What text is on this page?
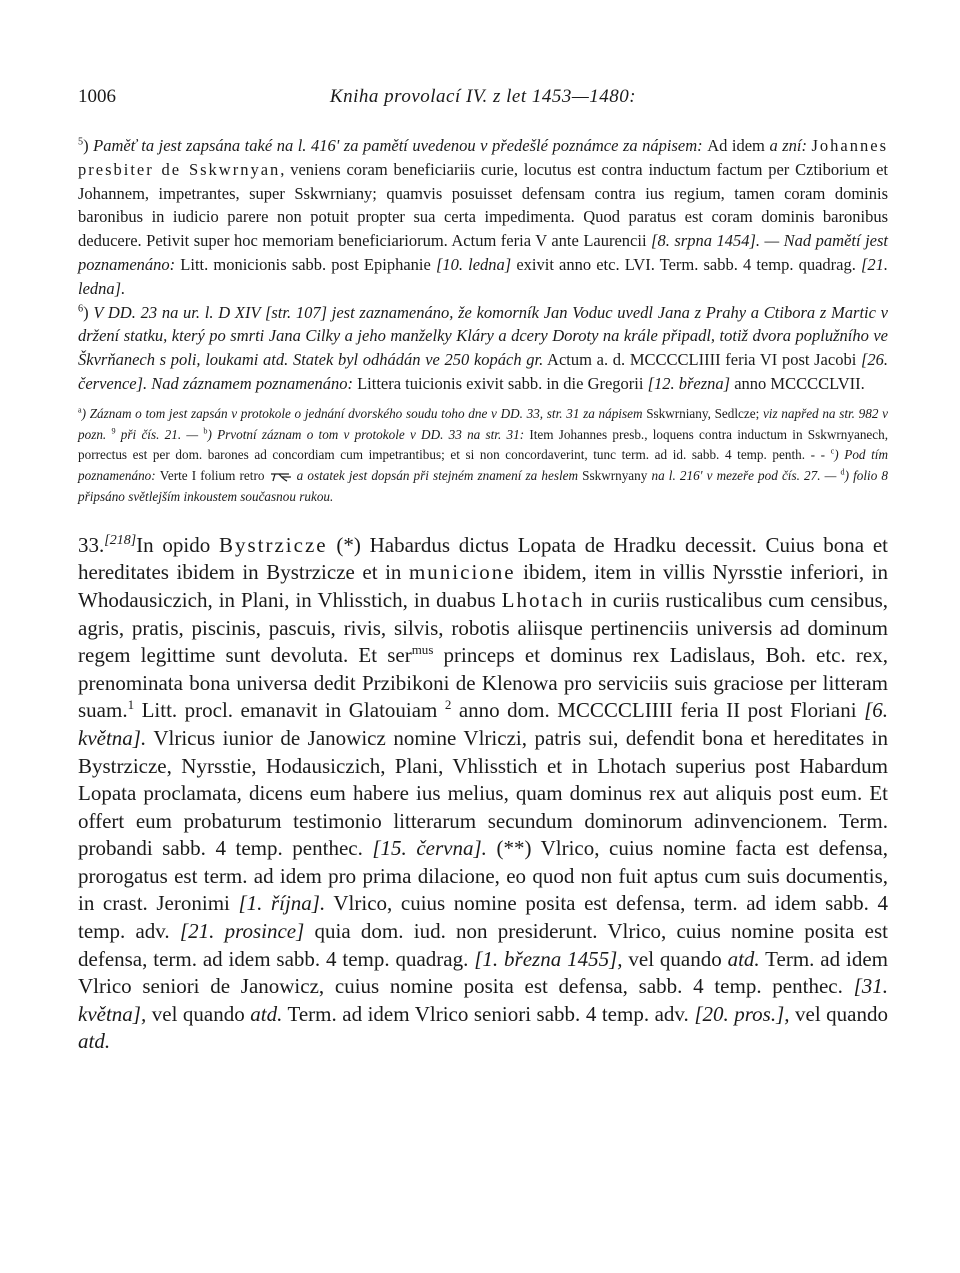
1006	Kniha provolací IV. z let 1453—1480:
$^5$) Paměť ta jest zapsána také na l. 416' za pamětí uvedenou v předešlé poznámce za nápisem: Ad idem a zní: Johannes presbiter de Sskwrnyan, veniens coram beneficiariis curie, locutus est contra inductum factum per Cztiborium et Johannem, impetrantes, super Sskwrniany; quamvis posuisset defensam contra ius regium, tamen coram dominis baronibus in iudicio parere non potuit propter sua certa impedimenta. Quod paratus est coram dominis baronibus deducere. Petivit super hoc memoriam beneficiariorum. Actum feria V ante Laurencii [8. srpna 1454]. — Nad pamětí jest poznamenáno: Litt. monicionis sabb. post Epiphanie [10. ledna] exivit anno etc. LVI. Term. sabb. 4 temp. quadrag. [21. ledna].
$^6$) V DD. 23 na ur. l. D XIV [str. 107] jest zaznamenáno, že komorník Jan Voduc uvedl Jana z Prahy a Ctibora z Martic v držení statku, který po smrti Jana Cilky a jeho manželky Kláry a dcery Doroty na krále připadl, totiž dvora poplužního ve Škvrňanech s poli, loukami atd. Statek byl odhádán ve 250 kopách gr. Actum a. d. MCCCCLIIII feria VI post Jacobi [26. července]. Nad záznamem poznamenáno: Littera tuicionis exivit sabb. in die Gregorii [12. března] anno MCCCCLVII.
$^a$) Záznam o tom jest zapsán v protokole o jednání dvorského soudu toho dne v DD. 33, str. 31 za nápisem Sskwrniany, Sedlcze; viz napřed na str. 982 v pozn. $^9$ při čís. 21. — $^b$) Prvotní záznam o tom v protokole v DD. 33 na str. 31: Item Johannes presb., loquens contra inductum in Sskwrnyanech, porrectus est per dom. barones ad concordiam cum impetrantibus; et si non concordaverint, tunc term. ad id. sabb. 4 temp. penth. - - $^c$) Pod tím poznamenáno: Verte I folium retro  a ostatek jest dopsán při stejném znamení za heslem Sskwrnyany na l. 216' v mezeře pod čís. 27. — $^d$) folio 8 připsáno světlejším inkoustem současnou rukou.
33.[218]In opido Bystrzicze (*) Habardus dictus Lopata de Hradku decessit. Cuius bona et hereditates ibidem in Bystrzicze et in municione ibidem, item in villis Nyrsstie inferiori, in Whodausiczich, in Plani, in Vhlisstich, in duabus Lhotach in curiis rusticalibus cum censibus, agris, pratis, piscinis, pascuis, rivis, silvis, robotis aliisque pertinenciis universis ad dominum regem legittime sunt devoluta. Et ser$^{mus}$ princeps et dominus rex Ladislaus, Boh. etc. rex, prenominata bona universa dedit Przibikoni de Klenowa pro serviciis suis graciose per litteram suam.$^1$ Litt. procl. emanavit in Glatouiam $^2$ anno dom. MCCCCLIIII feria II post Floriani [6. května]. Vlricus iunior de Janowicz nomine Vlriczi, patris sui, defendit bona et hereditates in Bystrzicze, Nyrsstie, Hodausiczich, Plani, Vhlisstich et in Lhotach superius post Habardum Lopata proclamata, dicens eum habere ius melius, quam dominus rex aut aliquis post eum. Et offert eum probaturum testimonio litterarum secundum dominorum adinvencionem. Term. probandi sabb. 4 temp. penthec. [15. června]. (**) Vlrico, cuius nomine facta est defensa, prorogatus est term. ad idem pro prima dilacione, eo quod non fuit aptus cum suis documentis, in crast. Jeronimi [1. října]. Vlrico, cuius nomine posita est defensa, term. ad idem sabb. 4 temp. adv. [21. prosince] quia dom. iud. non presiderunt. Vlrico, cuius nomine posita est defensa, term. ad idem sabb. 4 temp. quadrag. [1. března 1455], vel quando atd. Term. ad idem Vlrico seniori de Janowicz, cuius nomine posita est defensa, sabb. 4 temp. penthec. [31. května], vel quando atd. Term. ad idem Vlrico seniori sabb. 4 temp. adv. [20. pros.], vel quando atd.
